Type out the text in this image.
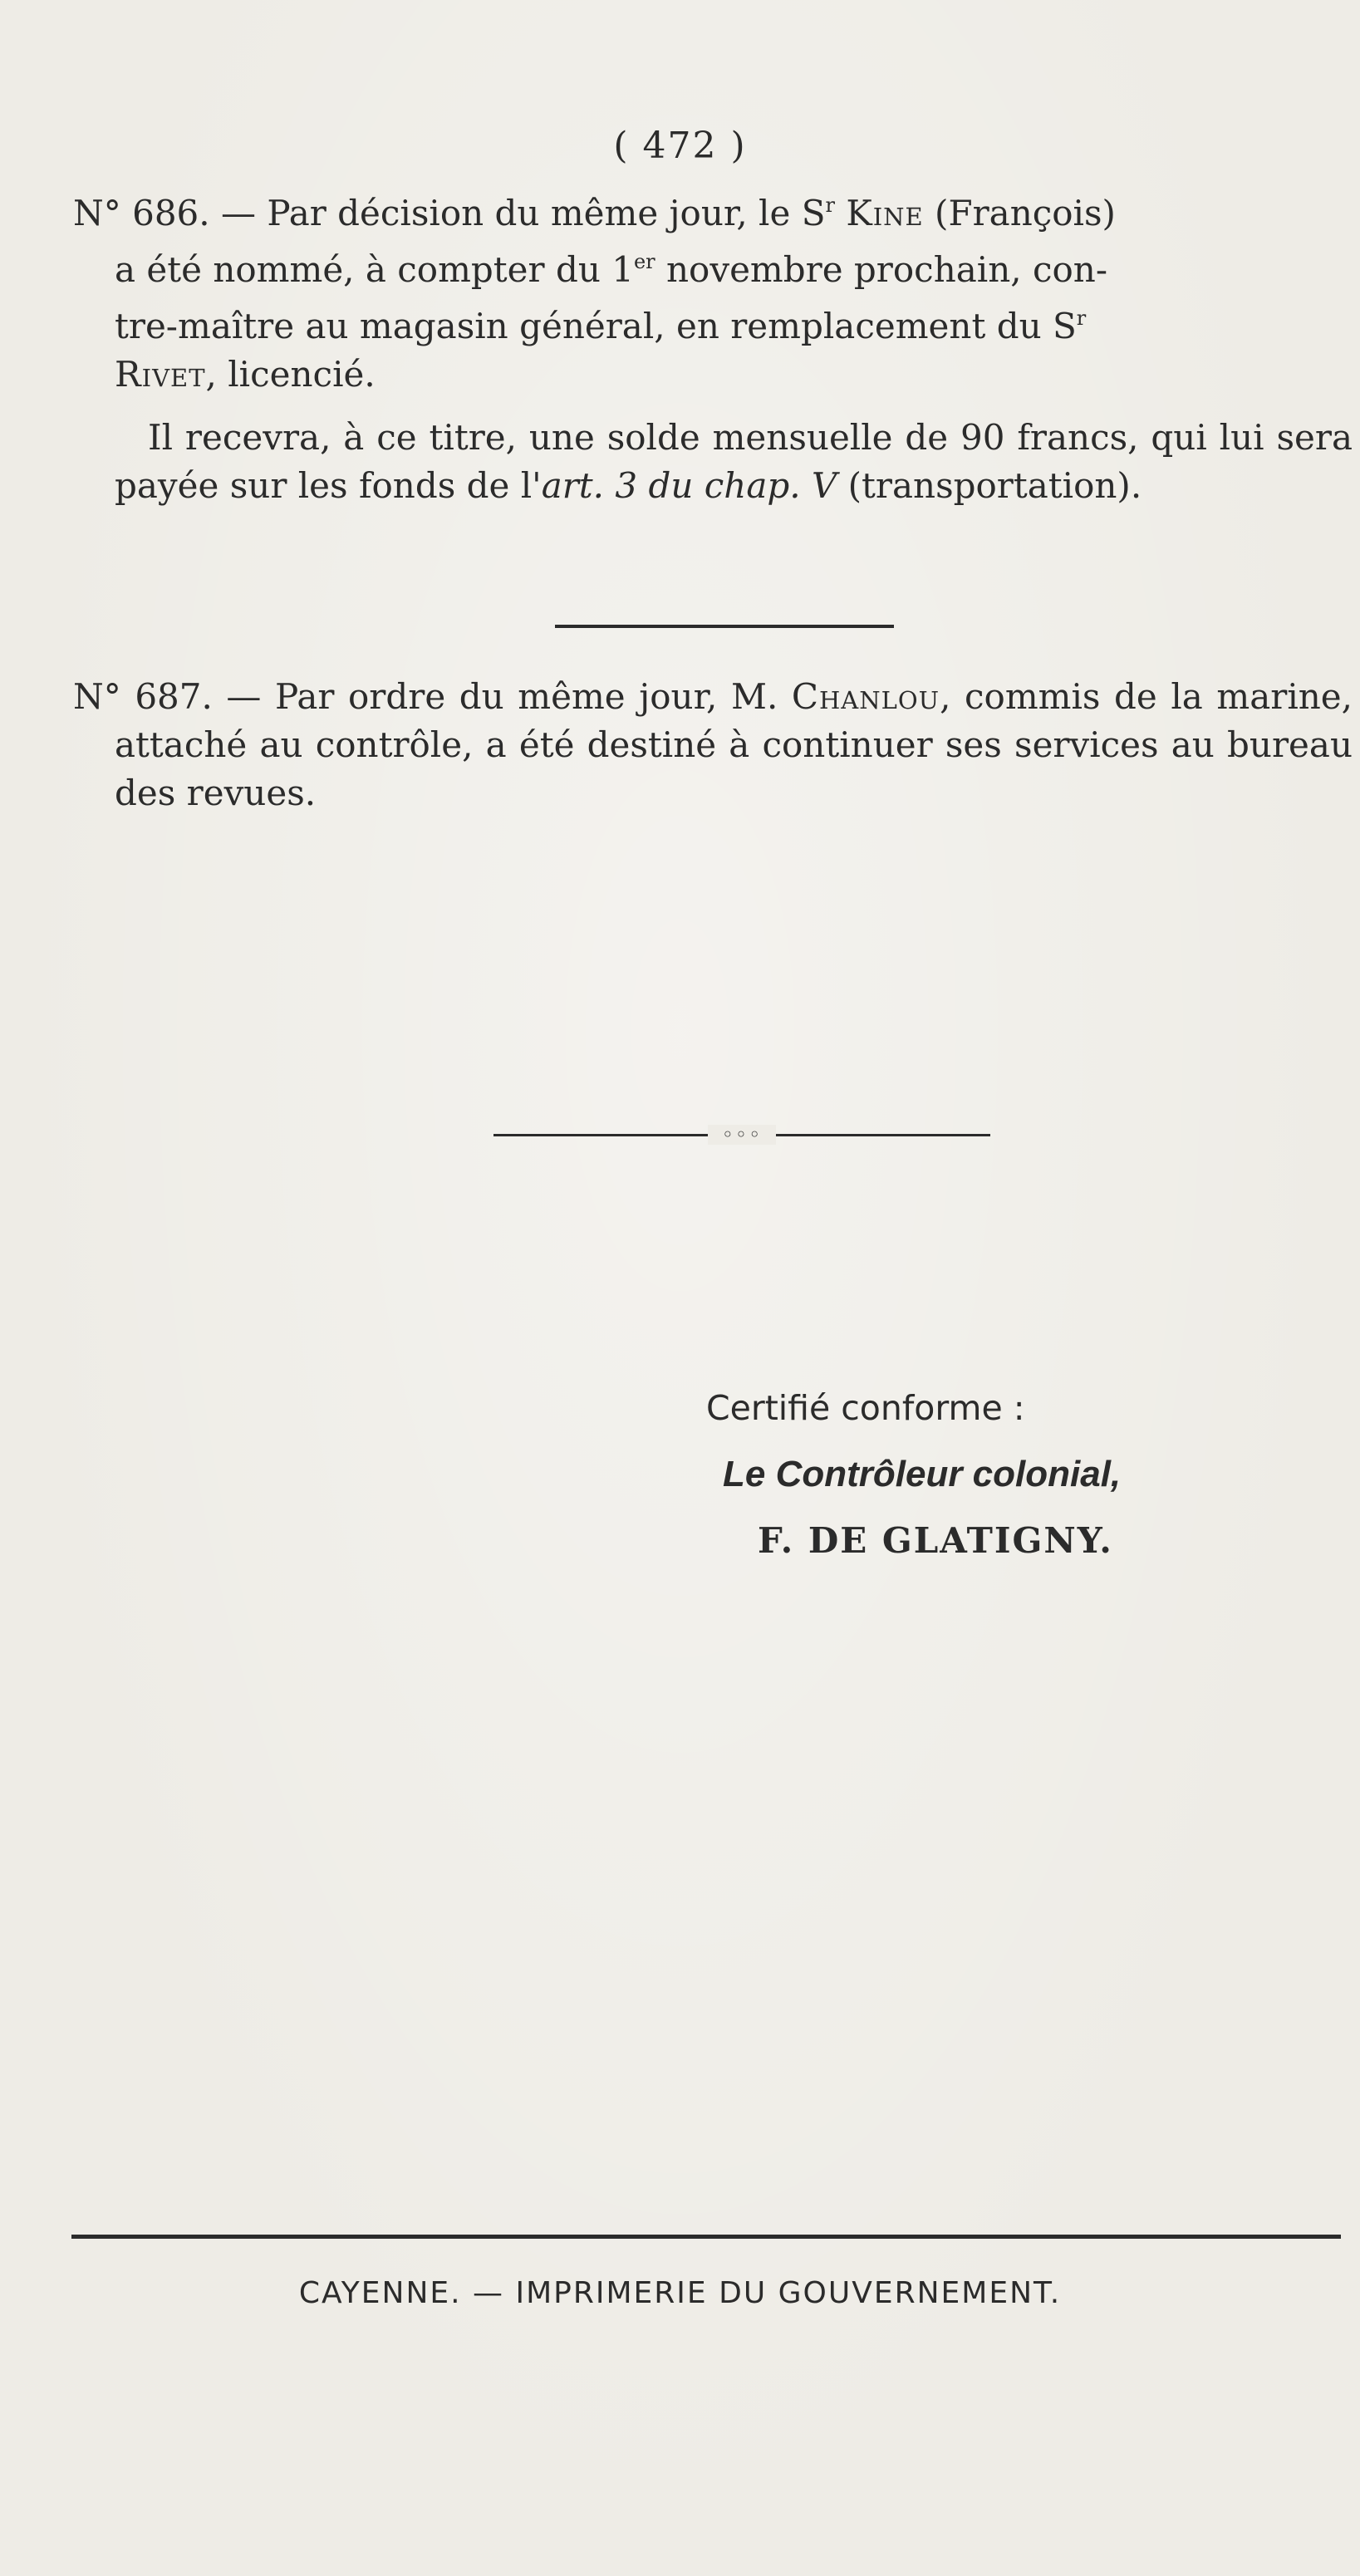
( 472 )

N° 686. — Par décision du même jour, le $S^r$ Kine (François)
a été nommé, à compter du 1er novembre prochain, con-
tre-maître au magasin général, en remplacement du $S^r$
Rivet, licencié.

Il recevra, à ce titre, une solde mensuelle de 90 francs, qui lui sera payée sur les fonds de l'art. 3 du chap. V (transportation).

N° 687. — Par ordre du même jour, M. Chanlou, commis de la marine, attaché au contrôle, a été destiné à continuer ses services au bureau des revues.

◦◦◦
Certifié conforme :
Le Contrôleur colonial,
F. DE GLATIGNY.
CAYENNE. — IMPRIMERIE DU GOUVERNEMENT.
